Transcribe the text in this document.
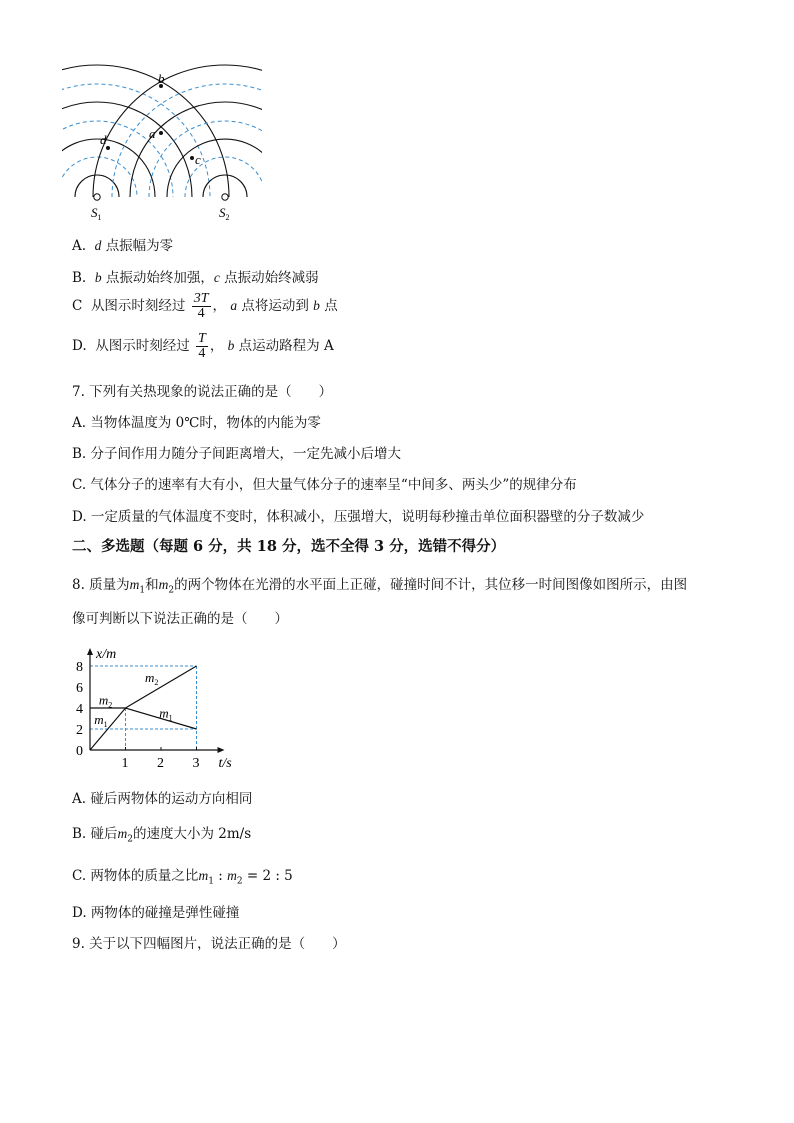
b
a
d
c
$S_1$	$S_2$
A. d 点振幅为零
B. b 点振动始终加强，c 点振动始终减弱
C 从图示时刻经过 $\frac{3T}{4}$ ， a 点将运动到 b 点
D. 从图示时刻经过 $\frac{T}{4}$ ， b 点运动路程为 A
7. 下列有关热现象的说法正确的是（　　）
A. 当物体温度为 0℃时，物体的内能为零
B. 分子间作用力随分子间距离增大，一定先减小后增大
C. 气体分子的速率有大有小，但大量气体分子的速率呈“中间多、两头少”的规律分布
D. 一定质量的气体温度不变时，体积减小，压强增大，说明每秒撞击单位面积器壁的分子数减少
二、多选题（每题 6 分，共 18 分，选不全得 3 分，选错不得分）
8. 质量为$m_1$和$m_2$的两个物体在光滑的水平面上正碰，碰撞时间不计，其位移一时间图像如图所示，由图
像可判断以下说法正确的是（　　）
0
2
4
6
8
1 2 3
x/m
t/s
$m_1$
$m_1$
$m_2$
$m_2$
A. 碰后两物体的运动方向相同
B. 碰后$m_2$的速度大小为 2m/s
C. 两物体的质量之比$m_1$ : $m_2 = 2$ : 5
D. 两物体的碰撞是弹性碰撞
9. 关于以下四幅图片，说法正确的是（　　）
